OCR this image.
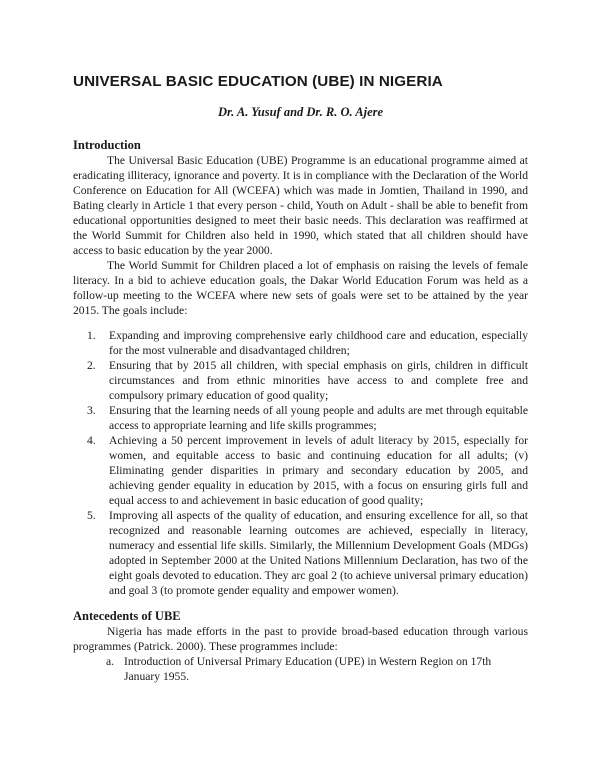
UNIVERSAL BASIC EDUCATION (UBE) IN NIGERIA
Dr. A. Yusuf and Dr. R. O. Ajere
Introduction

The Universal Basic Education (UBE) Programme is an educational programme aimed at eradicating illiteracy, ignorance and poverty. It is in compliance with the Declaration of the World Conference on Education for All (WCEFA) which was made in Jomtien, Thailand in 1990, and Bating clearly in Article 1 that every person - child, Youth on Adult - shall be able to benefit from educational opportunities designed to meet their basic needs. This declaration was reaffirmed at the World Summit for Children also held in 1990, which stated that all children should have access to basic education by the year 2000.

The World Summit for Children placed a lot of emphasis on raising the levels of female literacy. In a bid to achieve education goals, the Dakar World Education Forum was held as a follow-up meeting to the WCEFA where new sets of goals were set to be attained by the year 2015. The goals include:

1. Expanding and improving comprehensive early childhood care and education, especially for the most vulnerable and disadvantaged children;
2. Ensuring that by 2015 all children, with special emphasis on girls, children in difficult circumstances and from ethnic minorities have access to and complete free and compulsory primary education of good quality;
3. Ensuring that the learning needs of all young people and adults are met through equitable access to appropriate learning and life skills programmes;
4. Achieving a 50 percent improvement in levels of adult literacy by 2015, especially for women, and equitable access to basic and continuing education for all adults; (v) Eliminating gender disparities in primary and secondary education by 2005, and achieving gender equality in education by 2015, with a focus on ensuring girls full and equal access to and achievement in basic education of good quality;
5. Improving all aspects of the quality of education, and ensuring excellence for all, so that recognized and reasonable learning outcomes are achieved, especially in literacy, numeracy and essential life skills. Similarly, the Millennium Development Goals (MDGs) adopted in September 2000 at the United Nations Millennium Declaration, has two of the eight goals devoted to education. They arc goal 2 (to achieve universal primary education) and goal 3 (to promote gender equality and empower women).
Antecedents of UBE

Nigeria has made efforts in the past to provide broad-based education through various programmes (Patrick. 2000). These programmes include:

a. Introduction of Universal Primary Education (UPE) in Western Region on 17th January 1955.
